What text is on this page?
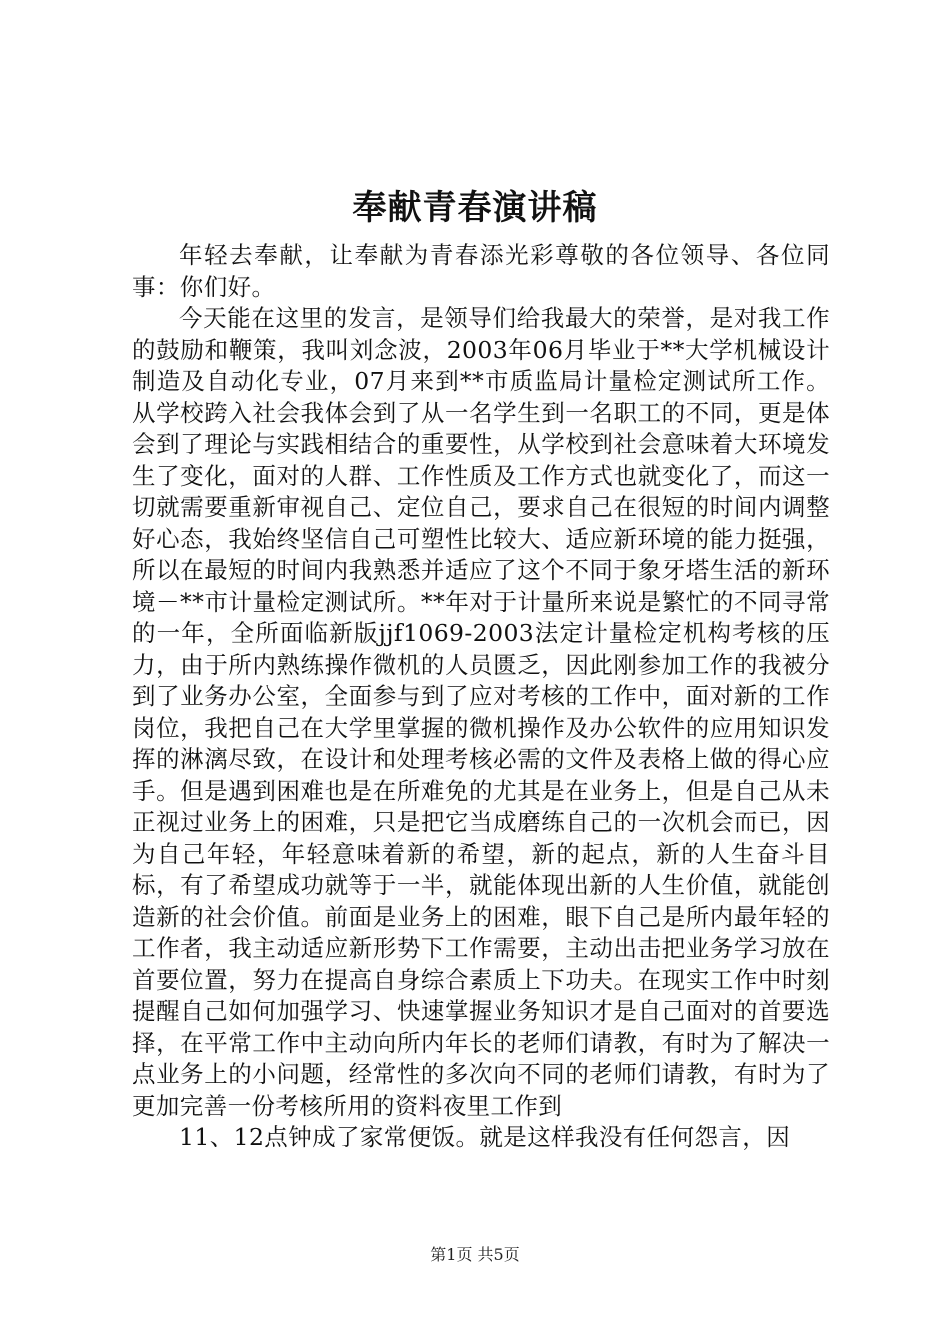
奉献青春演讲稿

年轻去奉献，让奉献为青春添光彩尊敬的各位领导、各位同事：你们好。

今天能在这里的发言，是领导们给我最大的荣誉，是对我工作的鼓励和鞭策，我叫刘念波，2003年06月毕业于**大学机械设计制造及自动化专业，07月来到**市质监局计量检定测试所工作。从学校跨入社会我体会到了从一名学生到一名职工的不同，更是体会到了理论与实践相结合的重要性，从学校到社会意味着大环境发生了变化，面对的人群、工作性质及工作方式也就变化了，而这一切就需要重新审视自己、定位自己，要求自己在很短的时间内调整好心态，我始终坚信自己可塑性比较大、适应新环境的能力挺强，所以在最短的时间内我熟悉并适应了这个不同于象牙塔生活的新环境－**市计量检定测试所。**年对于计量所来说是繁忙的不同寻常的一年，全所面临新版jjf1069-2003法定计量检定机构考核的压力，由于所内熟练操作微机的人员匮乏，因此刚参加工作的我被分到了业务办公室，全面参与到了应对考核的工作中，面对新的工作岗位，我把自己在大学里掌握的微机操作及办公软件的应用知识发挥的淋漓尽致，在设计和处理考核必需的文件及表格上做的得心应手。但是遇到困难也是在所难免的尤其是在业务上，但是自己从未正视过业务上的困难，只是把它当成磨练自己的一次机会而已，因为自己年轻，年轻意味着新的希望，新的起点，新的人生奋斗目标，有了希望成功就等于一半，就能体现出新的人生价值，就能创造新的社会价值。前面是业务上的困难，眼下自己是所内最年轻的工作者，我主动适应新形势下工作需要，主动出击把业务学习放在首要位置，努力在提高自身综合素质上下功夫。在现实工作中时刻提醒自己如何加强学习、快速掌握业务知识才是自己面对的首要选择，在平常工作中主动向所内年长的老师们请教，有时为了解决一点业务上的小问题，经常性的多次向不同的老师们请教，有时为了更加完善一份考核所用的资料夜里工作到

11、12点钟成了家常便饭。就是这样我没有任何怨言，因

第1页 共5页
